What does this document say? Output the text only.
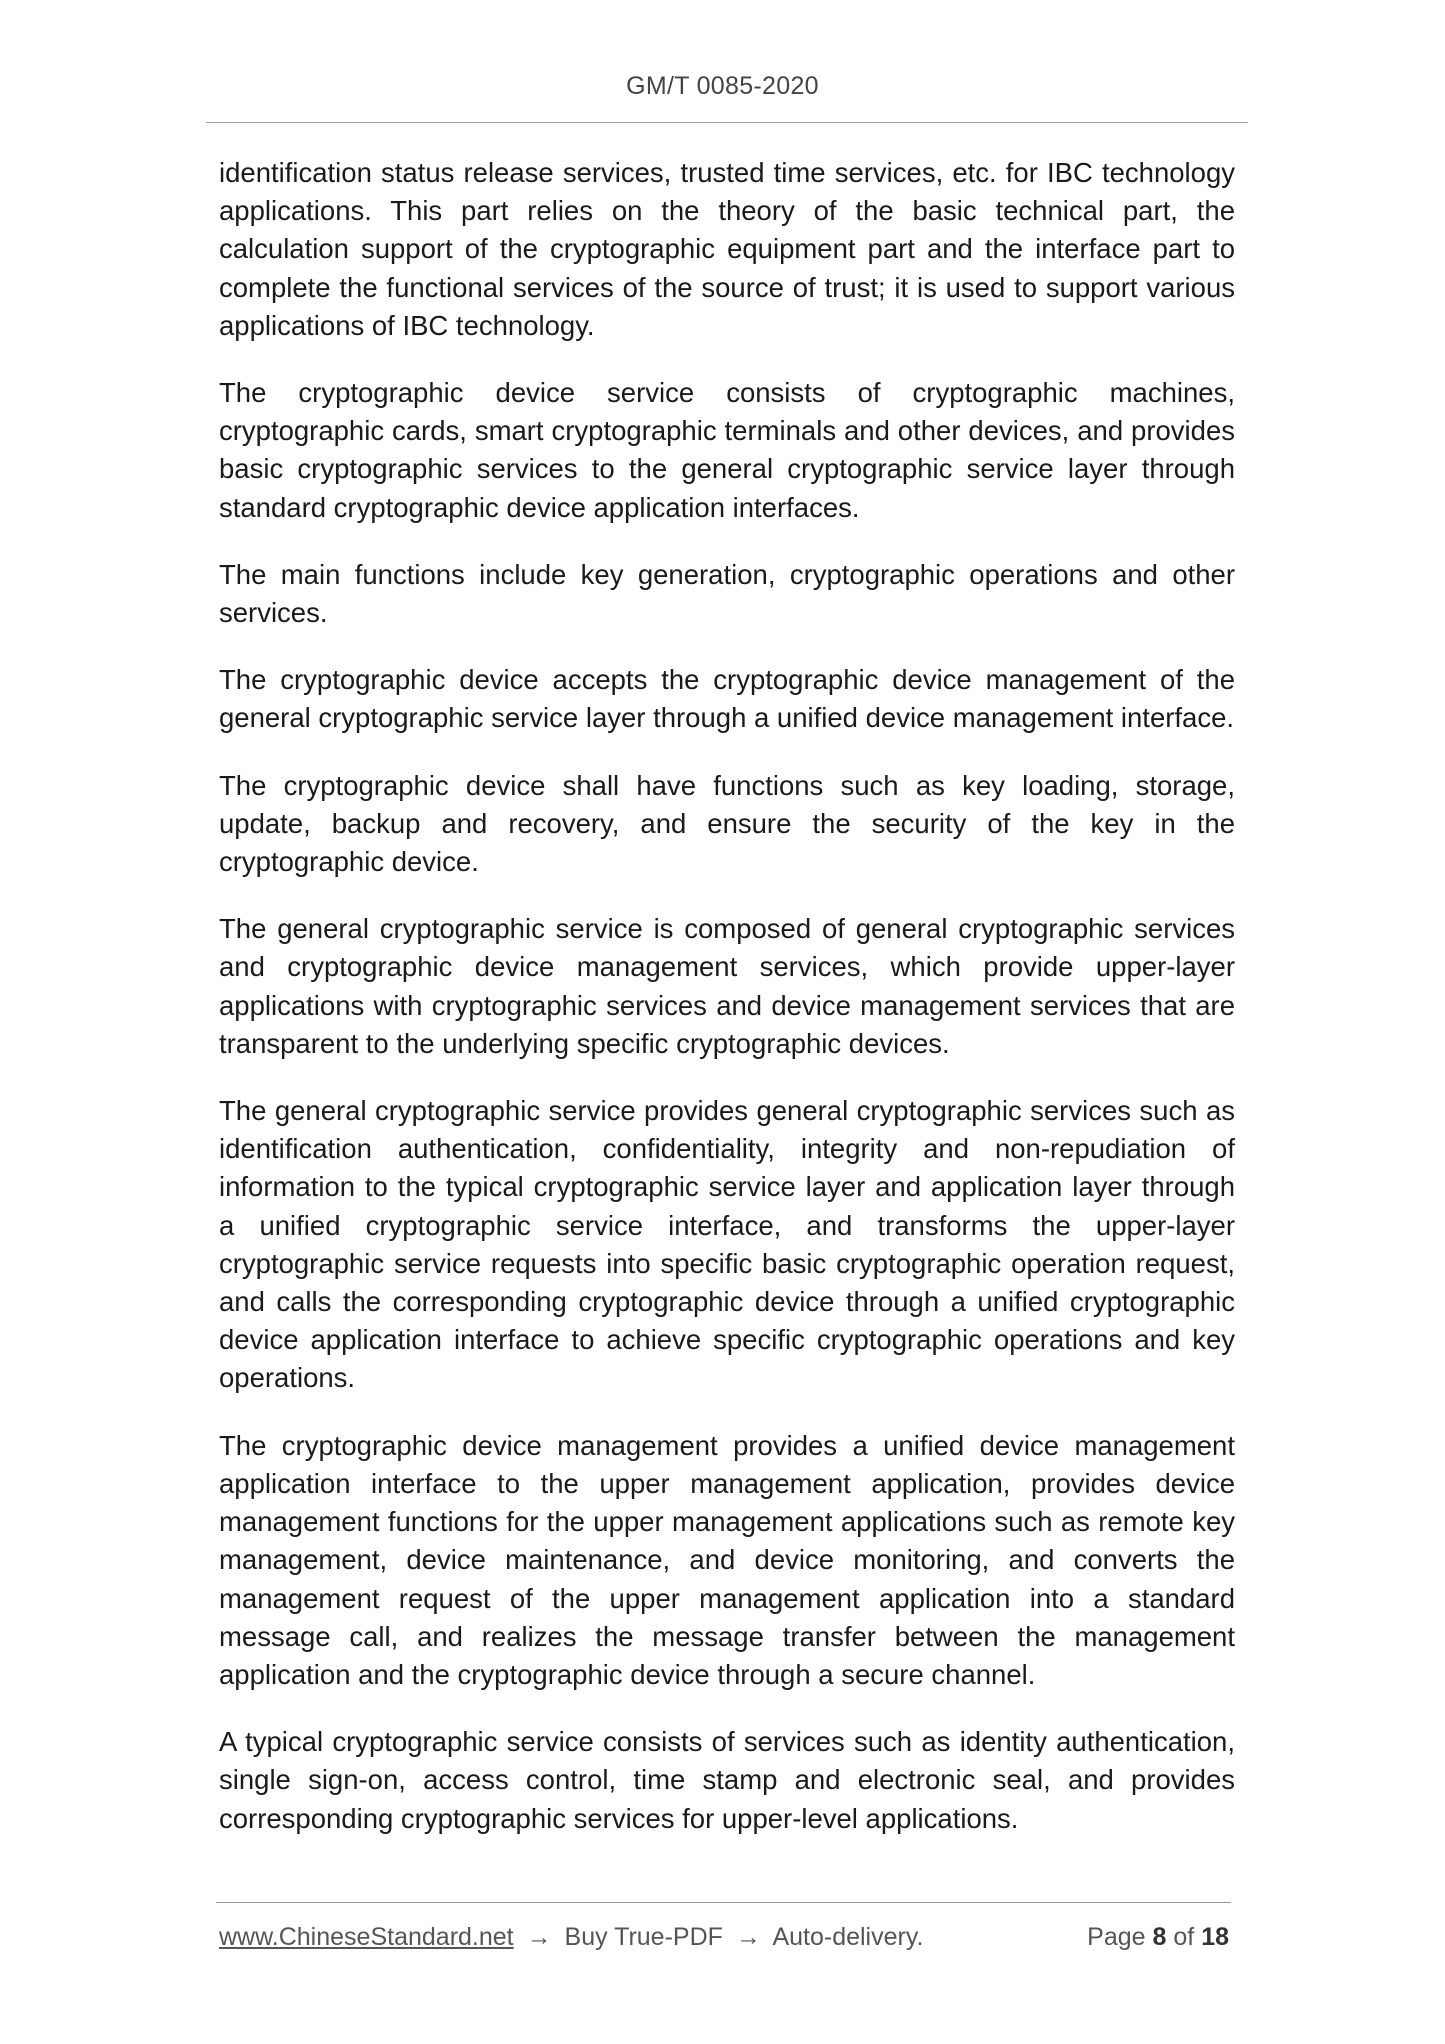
GM/T 0085-2020

identification status release services, trusted time services, etc. for IBC technology applications. This part relies on the theory of the basic technical part, the calculation support of the cryptographic equipment part and the interface part to complete the functional services of the source of trust; it is used to support various applications of IBC technology.

The cryptographic device service consists of cryptographic machines, cryptographic cards, smart cryptographic terminals and other devices, and provides basic cryptographic services to the general cryptographic service layer through standard cryptographic device application interfaces.

The main functions include key generation, cryptographic operations and other services.

The cryptographic device accepts the cryptographic device management of the general cryptographic service layer through a unified device management interface.

The cryptographic device shall have functions such as key loading, storage, update, backup and recovery, and ensure the security of the key in the cryptographic device.

The general cryptographic service is composed of general cryptographic services and cryptographic device management services, which provide upper-layer applications with cryptographic services and device management services that are transparent to the underlying specific cryptographic devices.

The general cryptographic service provides general cryptographic services such as identification authentication, confidentiality, integrity and non-repudiation of information to the typical cryptographic service layer and application layer through a unified cryptographic service interface, and transforms the upper-layer cryptographic service requests into specific basic cryptographic operation request, and calls the corresponding cryptographic device through a unified cryptographic device application interface to achieve specific cryptographic operations and key operations.

The cryptographic device management provides a unified device management application interface to the upper management application, provides device management functions for the upper management applications such as remote key management, device maintenance, and device monitoring, and converts the management request of the upper management application into a standard message call, and realizes the message transfer between the management application and the cryptographic device through a secure channel.

A typical cryptographic service consists of services such as identity authentication, single sign-on, access control, time stamp and electronic seal, and provides corresponding cryptographic services for upper-level applications.

www.ChineseStandard.net → Buy True-PDF → Auto-delivery.	Page 8 of 18
